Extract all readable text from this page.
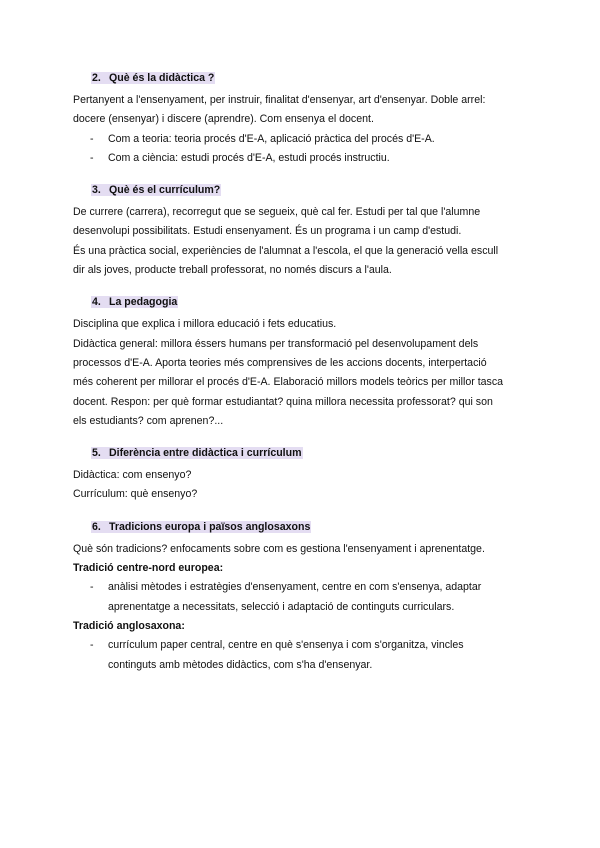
2. Què és la didàctica ?

Pertanyent a l'ensenyament, per instruir, finalitat d'ensenyar, art d'ensenyar. Doble arrel:

docere (ensenyar) i discere (aprendre). Com ensenya el docent.

- Com a teoria: teoria procés d'E-A, aplicació pràctica del procés d'E-A.

- Com a ciència: estudi procés d'E-A, estudi procés instructiu.

3. Què és el currículum?

De currere (carrera), recorregut que se segueix, què cal fer. Estudi per tal que l'alumne

desenvolupi possibilitats. Estudi ensenyament. És un programa i un camp d'estudi.

És una pràctica social, experiències de l'alumnat a l'escola, el que la generació vella escull

dir als joves, producte treball professorat, no només discurs a l'aula.

4. La pedagogia

Disciplina que explica i millora educació i fets educatius.

Didàctica general: millora éssers humans per transformació pel desenvolupament dels

processos d'E-A. Aporta teories més comprensives de les accions docents, interpertació

més coherent per millorar el procés d'E-A. Elaboració millors models teòrics per millor tasca

docent. Respon: per què formar estudiantat? quina millora necessita professorat? qui son

els estudiants? com aprenen?...

5. Diferència entre didàctica i currículum

Didàctica: com ensenyo?

Currículum: què ensenyo?

6. Tradicions europa i països anglosaxons

Què són tradicions? enfocaments sobre com es gestiona l'ensenyament i aprenentatge.

Tradició centre-nord europea:

- anàlisi mètodes i estratègies d'ensenyament, centre en com s'ensenya, adaptar

aprenentatge a necessitats, selecció i adaptació de continguts curriculars.

Tradició anglosaxona:

- currículum paper central, centre en què s'ensenya i com s'organitza, vincles

continguts amb mètodes didàctics, com s'ha d'ensenyar.
